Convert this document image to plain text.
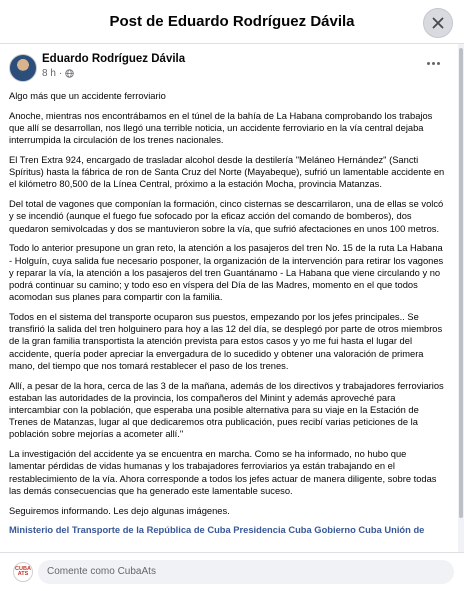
Post de Eduardo Rodríguez Dávila
Eduardo Rodríguez Dávila
8 h ·

Algo más que un accidente ferroviario

Anoche, mientras nos encontrábamos en el túnel de la bahía de La Habana comprobando los trabajos que allí se desarrollan, nos llegó una terrible noticia, un accidente ferroviario en la vía central dejaba interrumpida la circulación de los trenes nacionales.

El Tren Extra 924, encargado de trasladar alcohol desde la destilería "Meláneo Hernández" (Sancti Spíritus) hasta la fábrica de ron de Santa Cruz del Norte (Mayabeque), sufrió un lamentable accidente en el kilómetro 80,500 de la Línea Central, próximo a la estación Mocha, provincia Matanzas.

Del total de vagones que componían la formación, cinco cisternas se descarrilaron, una de ellas se volcó y se incendió (aunque el fuego fue sofocado por la eficaz acción del comando de bomberos), dos quedaron semivolcadas y dos se mantuvieron sobre la vía, que sufrió afectaciones en unos 100 metros.

Todo lo anterior presupone un gran reto, la atención a los pasajeros del tren No. 15 de la ruta La Habana - Holguín, cuya salida fue necesario posponer, la organización de la intervención para retirar los vagones y reparar la vía, la atención a los pasajeros del tren Guantánamo - La Habana que viene circulando y no podrá continuar su camino; y todo eso en víspera del Día de las Madres, momento en el que todos acomodan sus planes para compartir con la familia.

Todos en el sistema del transporte ocuparon sus puestos, empezando por los jefes principales.. Se transfirió la salida del tren holguinero para hoy a las 12 del día, se desplegó por parte de otros miembros de la gran familia transportista la atención prevista para estos casos y yo me fui hasta el lugar del accidente, quería poder apreciar la envergadura de lo sucedido y obtener una valoración de primera mano, del tiempo que nos tomará restablecer el paso de los trenes.

Allí, a pesar de la hora, cerca de las 3 de la mañana, además de los directivos y trabajadores ferroviarios estaban las autoridades de la provincia, los compañeros del Minint y además aproveché para intercambiar con la población, que esperaba una posible alternativa para su viaje en la Estación de Trenes de Matanzas, lugar al que dedicaremos otra publicación, pues recibí varias peticiones de la población sobre mejorías a acometer allí."

La investigación del accidente ya se encuentra en marcha. Como se ha informado, no hubo que lamentar pérdidas de vidas humanas y los trabajadores ferroviarios ya están trabajando en el restablecimiento de la vía. Ahora corresponde a todos los jefes actuar de manera diligente, sobre todas las demás consecuencias que ha generado este lamentable suceso.

Seguiremos informando. Les dejo algunas imágenes.

Ministerio del Transporte de la República de Cuba Presidencia Cuba Gobierno Cuba Unión de

CUBA
ATS	Comente como CubaAts
